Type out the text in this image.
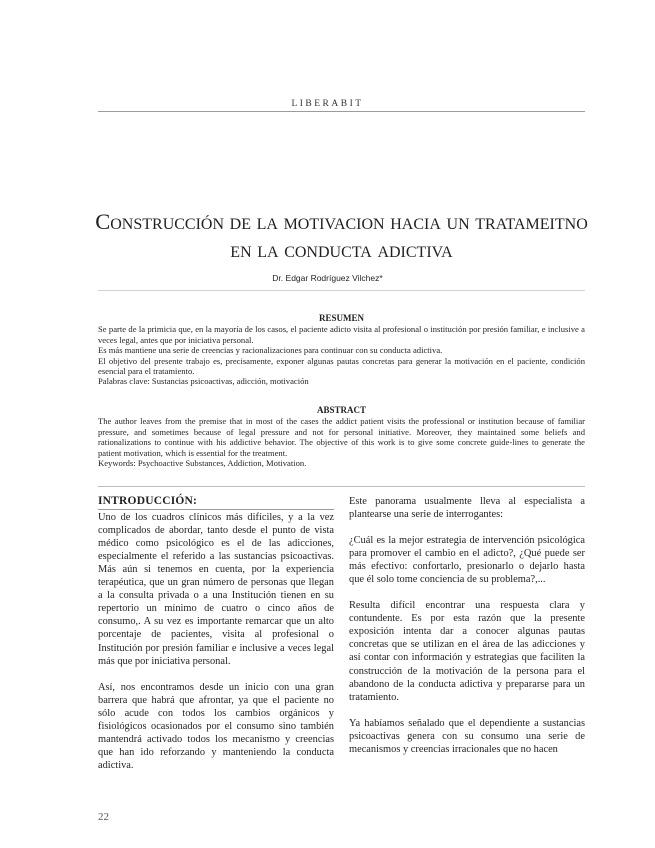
LIBERABIT
Construcción de la motivacion hacia un tratameitno en la conducta adictiva
Dr. Edgar Rodríguez Vilchez*
RESUMEN

Se parte de la primicia que, en la mayoría de los casos, el paciente adicto visita al profesional o institución por presión familiar, e inclusive a veces legal, antes que por iniciativa personal.

Es más mantiene una serie de creencias y racionalizaciones para continuar con su conducta adictiva.

El objetivo del presente trabajo es, precisamente, exponer algunas pautas concretas para generar la motivación en el paciente, condición esencial para el tratamiento.

Palabras clave: Sustancias psicoactivas, adicción, motivación

ABSTRACT

The author leaves from the premise that in most of the cases the addict patient visits the professional or institution because of familiar pressure, and sometimes because of legal pressure and not for personal initiative. Moreover, they maintained some beliefs and rationalizations to continue with his addictive behavior. The objective of this work is to give some concrete guide-lines to generate the patient motivation, which is essential for the treatment.

Keywords: Psychoactive Substances, Addiction, Motivation.

INTRODUCCIÓN:

Uno de los cuadros clínicos más difíciles, y a la vez complicados de abordar, tanto desde el punto de vista médico como psicológico es el de las adicciones, especialmente el referido a las sustancias psicoactivas. Más aún si tenemos en cuenta, por la experiencia terapéutica, que un gran número de personas que llegan a la consulta privada o a una Institución tienen en su repertorio un mínimo de cuatro o cinco años de consumo,. A su vez es importante remarcar que un alto porcentaje de pacientes, visita al profesional o Institución por presión familiar e inclusive a veces legal más que por iniciativa personal.

Así, nos encontramos desde un inicio con una gran barrera que habrá que afrontar, ya que el paciente no sólo acude con todos los cambios orgánicos y fisiológicos ocasionados por el consumo sino también mantendrá activado todos los mecanismo y creencias que han ido reforzando y manteniendo la conducta adictiva.

Este panorama usualmente lleva al especialista a plantearse una serie de interrogantes:

¿Cuál es la mejor estrategia de intervención psicológica para promover el cambio en el adicto?, ¿Qué puede ser más efectivo: confortarlo, presionarlo o dejarlo hasta que él solo tome conciencia de su problema?,...

Resulta difícil encontrar una respuesta clara y contundente. Es por esta razón que la presente exposición intenta dar a conocer algunas pautas concretas que se utilizan en el área de las adicciones y así contar con información y estrategias que faciliten la construcción de la motivación de la persona para el abandono de la conducta adictiva y prepararse para un tratamiento.

Ya habíamos señalado que el dependiente a sustancias psicoactivas genera con su consumo una serie de mecanismos y creencias irracionales que no hacen

22
